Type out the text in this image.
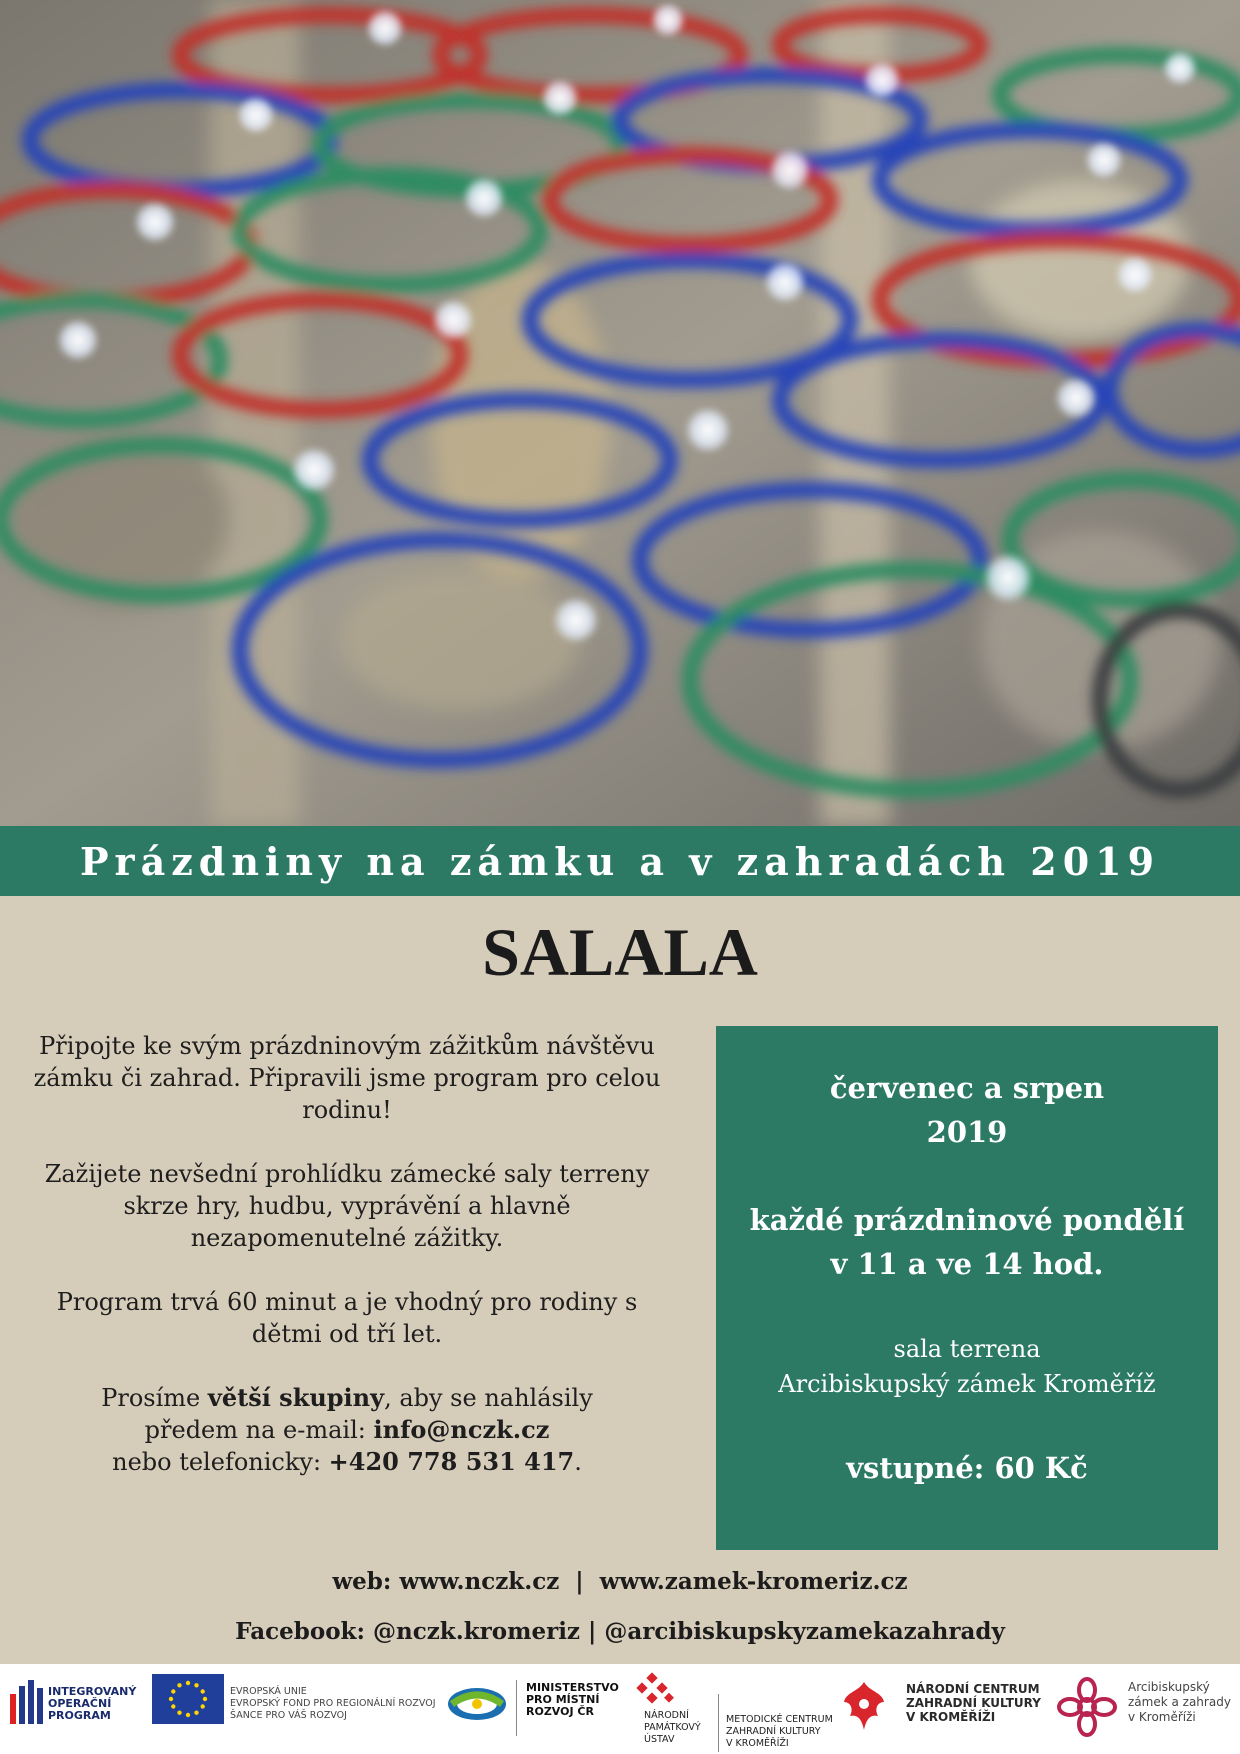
Prázdniny na zámku a v zahradách 2019
SALALA

Připojte ke svým prázdninovým zážitkům návštěvu zámku či zahrad. Připravili jsme program pro celou rodinu!

Zažijete nevšední prohlídku zámecké saly terreny skrze hry, hudbu, vyprávění a hlavně nezapomenutelné zážitky.

Program trvá 60 minut a je vhodný pro rodiny s dětmi od tří let.

Prosíme větší skupiny, aby se nahlásily
předem na e-mail: info@nczk.cz
nebo telefonicky: +420 778 531 417.

červenec a srpen
2019
každé prázdninové pondělí
v 11 a ve 14 hod.
sala terrena
Arcibiskupský zámek Kroměříž
vstupné: 60 Kč
web: www.nczk.cz  |  www.zamek-kromeriz.cz
Facebook: @nczk.kromeriz | @arcibiskupskyzamekazahrady
INTEGROVANÝ
OPERAČNÍ
PROGRAM
EVROPSKÁ UNIE
EVROPSKÝ FOND PRO REGIONÁLNÍ ROZVOJ
ŠANCE PRO VÁŠ ROZVOJ
MINISTERSTVO
PRO MÍSTNÍ
ROZVOJ ČR	NÁRODNÍ
PAMÁTKOVÝ
ÚSTAV
METODICKÉ CENTRUM
ZAHRADNÍ KULTURY
V KROMĚŘÍŽI
NÁRODNÍ CENTRUM
ZAHRADNÍ KULTURY
V KROMĚŘÍŽI
Arcibiskupský
zámek a zahrady
v Kroměříži
